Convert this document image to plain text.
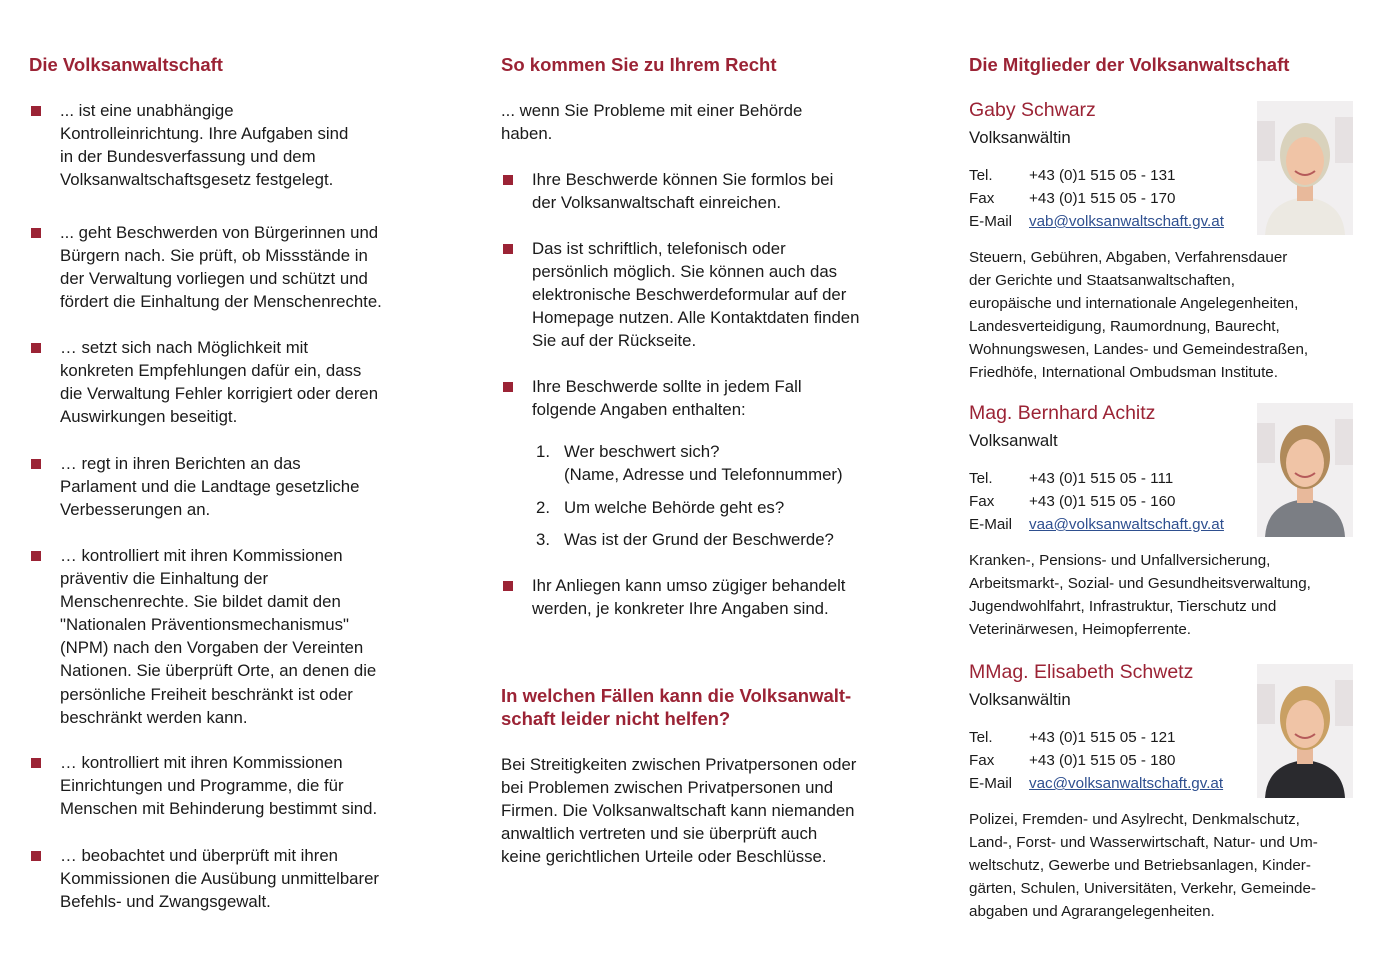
Die Volksanwaltschaft
... ist eine unabhängige
Kontrolleinrichtung. Ihre Aufgaben sind
in der Bundesverfassung und dem
Volksanwaltschaftsgesetz festgelegt.
... geht Beschwerden von Bürgerinnen und
Bürgern nach. Sie prüft, ob Missstände in
der Verwaltung vorliegen und schützt und
fördert die Einhaltung der Menschenrechte.
… setzt sich nach Möglichkeit mit
konkreten Empfehlungen dafür ein, dass
die Verwaltung Fehler korrigiert oder deren
Auswirkungen beseitigt.
… regt in ihren Berichten an das
Parlament und die Landtage gesetzliche
Verbesserungen an.
… kontrolliert mit ihren Kommissionen
präventiv die Einhaltung der
Menschenrechte. Sie bildet damit den
"Nationalen Präventionsmechanismus"
(NPM) nach den Vorgaben der Vereinten
Nationen. Sie überprüft Orte, an denen die
persönliche Freiheit beschränkt ist oder
beschränkt werden kann.
… kontrolliert mit ihren Kommissionen
Einrichtungen und Programme, die für
Menschen mit Behinderung bestimmt sind.
… beobachtet und überprüft mit ihren
Kommissionen die Ausübung unmittelbarer
Befehls- und Zwangsgewalt.
So kommen Sie zu Ihrem Recht
... wenn Sie Probleme mit einer Behörde
haben.
In welchen Fällen kann die Volksanwalt-
schaft leider nicht helfen?
Bei Streitigkeiten zwischen Privatpersonen oder
bei Problemen zwischen Privatpersonen und
Firmen. Die Volksanwaltschaft kann niemanden
anwaltlich vertreten und sie überprüft auch
keine gerichtlichen Urteile oder Beschlüsse.
Ihre Beschwerde können Sie formlos bei
der Volksanwaltschaft einreichen.
Das ist schriftlich, telefonisch oder
persönlich möglich. Sie können auch das
elektronische Beschwerdeformular auf der
Homepage nutzen. Alle Kontaktdaten finden
Sie auf der Rückseite.
Ihre Beschwerde sollte in jedem Fall
folgende Angaben enthalten:
1. Wer beschwert sich?
(Name, Adresse und Telefonnummer)
2. Um welche Behörde geht es?
3. Was ist der Grund der Beschwerde?
Ihr Anliegen kann umso zügiger behandelt
werden, je konkreter Ihre Angaben sind.
Die Mitglieder der Volksanwaltschaft
Gaby Schwarz
Volksanwältin
Tel. +43 (0)1 515 05 - 131
Fax +43 (0)1 515 05 - 170
E-Mail vab@volksanwaltschaft.gv.at
Steuern, Gebühren, Abgaben, Verfahrensdauer
der Gerichte und Staatsanwaltschaften,
europäische und internationale Angelegenheiten,
Landesverteidigung, Raumordnung, Baurecht,
Wohnungswesen, Landes- und Gemeindestraßen,
Friedhöfe, International Ombudsman Institute.
Mag. Bernhard Achitz
Volksanwalt
Tel. +43 (0)1 515 05 - 111
Fax +43 (0)1 515 05 - 160
E-Mail vaa@volksanwaltschaft.gv.at
Kranken-, Pensions- und Unfallversicherung,
Arbeitsmarkt-, Sozial- und Gesundheitsverwaltung,
Jugendwohlfahrt, Infrastruktur, Tierschutz und
Veterinärwesen, Heimopferrente.
MMag. Elisabeth Schwetz
Volksanwältin
Tel. +43 (0)1 515 05 - 121
Fax +43 (0)1 515 05 - 180
E-Mail vac@volksanwaltschaft.gv.at
Polizei, Fremden- und Asylrecht, Denkmalschutz,
Land-, Forst- und Wasserwirtschaft, Natur- und Um-
weltschutz, Gewerbe und Betriebsanlagen, Kinder-
gärten, Schulen, Universitäten, Verkehr, Gemeinde-
abgaben und Agrarangelegenheiten.
